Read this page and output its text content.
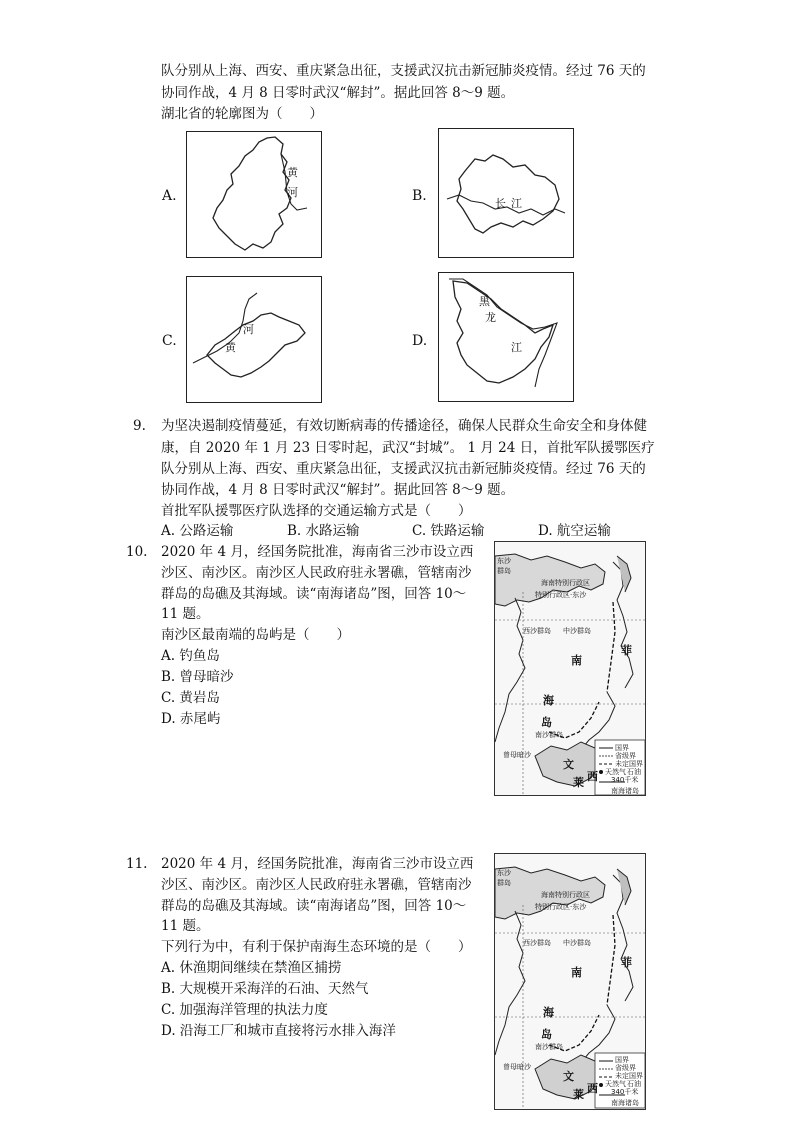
队分别从上海、西安、重庆紧急出征，支援武汉抗击新冠肺炎疫情。经过 76 天的
协同作战，4 月 8 日零时武汉“解封”。据此回答 8～9 题。
湖北省的轮廓图为（　　）
A.
黄
河	B.	长 江
C.
河
黄	D.
黑
龙
江
9. 为坚决遏制疫情蔓延，有效切断病毒的传播途径，确保人民群众生命安全和身体健
康，自 2020 年 1 月 23 日零时起，武汉“封城”。 1 月 24 日，首批军队援鄂医疗
队分别从上海、西安、重庆紧急出征，支援武汉抗击新冠肺炎疫情。经过 76 天的
协同作战，4 月 8 日零时武汉“解封”。据此回答 8～9 题。
首批军队援鄂医疗队选择的交通运输方式是（　　）
A. 公路运输	B. 水路运输	C. 铁路运输	D. 航空运输
10. 2020 年 4 月，经国务院批准，海南省三沙市设立西
沙区、南沙区。南沙区人民政府驻永署礁，管辖南沙
群岛的岛礁及其海域。读“南海诸岛”图，回答 10～
11 题。
南沙区最南端的岛屿是（　　）
A. 钓鱼岛
B. 曾母暗沙
C. 黄岩岛
D. 赤尾屿
东沙
群岛
海南特别行政区
特别行政区·东沙
西沙群岛 中沙群岛
南
海
菲
岛
南沙群岛
曾母暗沙
文
莱 西
国界
省级界
未定国界
天然气 石油
340千米
南海诸岛
11. 2020 年 4 月，经国务院批准，海南省三沙市设立西
沙区、南沙区。南沙区人民政府驻永署礁，管辖南沙
群岛的岛礁及其海域。读“南海诸岛”图，回答 10～
11 题。
下列行为中，有利于保护南海生态环境的是（　　）
A. 休渔期间继续在禁渔区捕捞
B. 大规模开采海洋的石油、天然气
C. 加强海洋管理的执法力度
D. 沿海工厂和城市直接将污水排入海洋
东沙
群岛
海南特别行政区
特别行政区·东沙
西沙群岛 中沙群岛
南
海
菲
岛
南沙群岛
曾母暗沙
文
莱 西
国界
省级界
未定国界
天然气 石油
340千米
南海诸岛
